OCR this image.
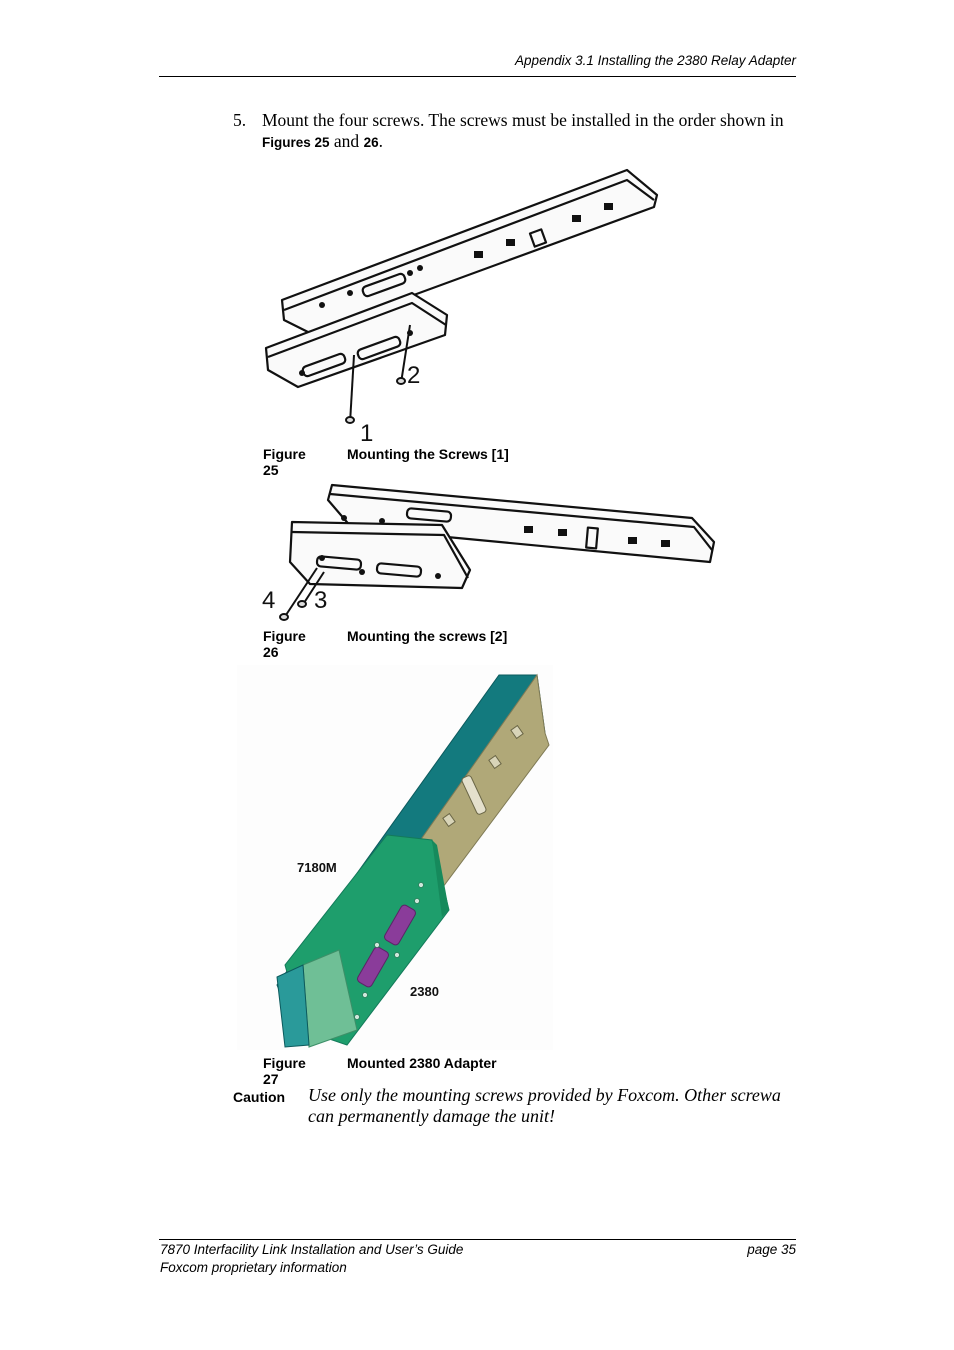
Appendix 3.1 Installing the 2380 Relay Adapter
5. Mount the four screws. The screws must be installed in the order shown in Figures 25 and 26.
1
2
Figure 25
Mounting the Screws [1]
4 3
Figure 26
Mounting the screws [2]
7180M
2380
Figure 27
Mounted 2380 Adapter
Caution Use only the mounting screws provided by Foxcom. Other screwa can permanently damage the unit!
7870 Interfacility Link Installation and User’s Guide	page 35
Foxcom proprietary information
